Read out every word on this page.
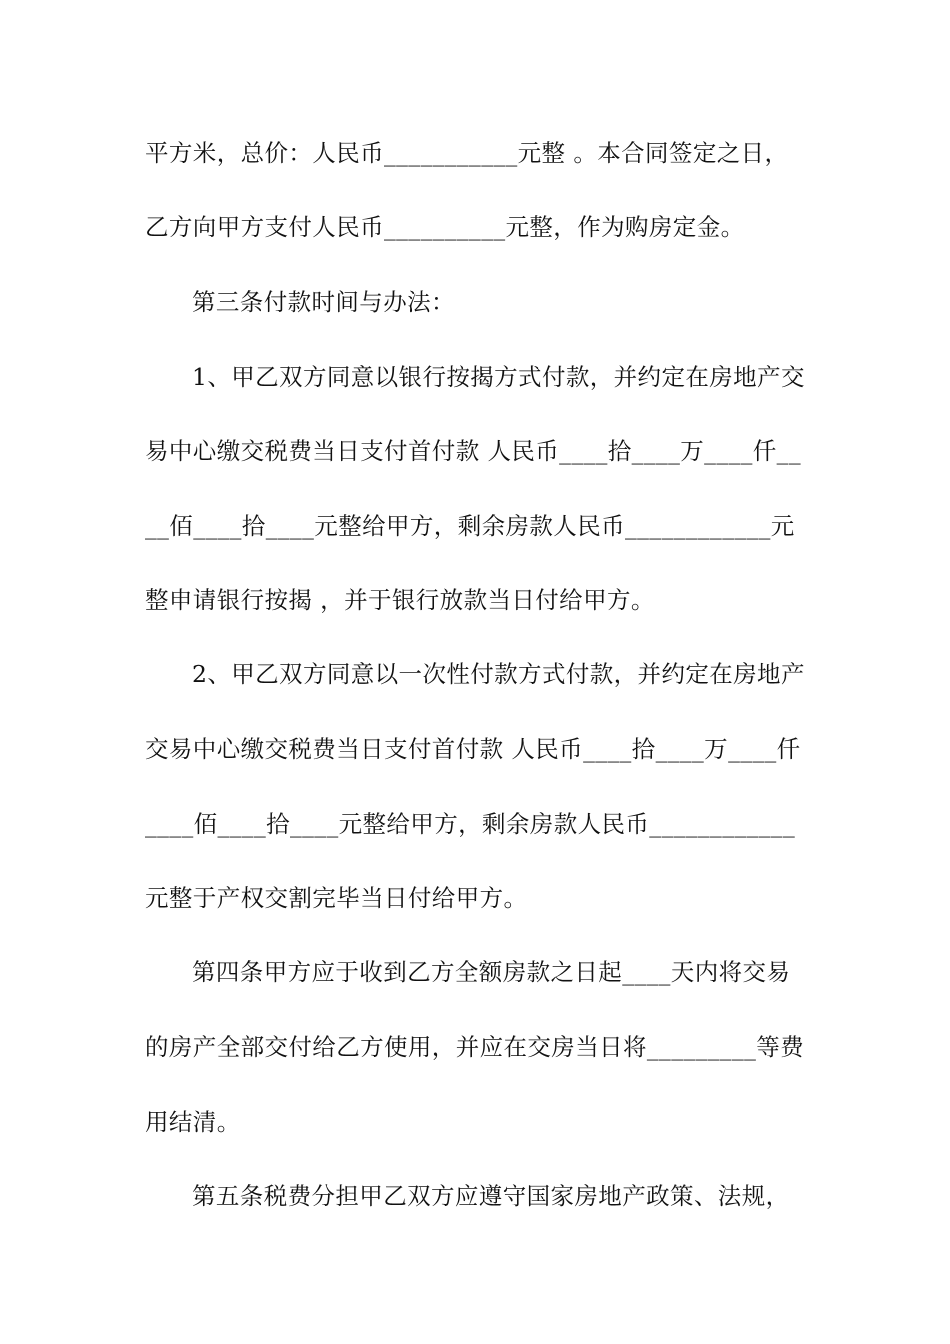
平方米，总价：人民币___________元整 。本合同签定之日，
乙方向甲方支付人民币__________元整，作为购房定金。
第三条付款时间与办法：
1、甲乙双方同意以银行按揭方式付款，并约定在房地产交
易中心缴交税费当日支付首付款 人民币____拾____万____仟__
__佰____拾____元整给甲方，剩余房款人民币____________元
整申请银行按揭 ，并于银行放款当日付给甲方。
2、甲乙双方同意以一次性付款方式付款，并约定在房地产
交易中心缴交税费当日支付首付款 人民币____拾____万____仟
____佰____拾____元整给甲方，剩余房款人民币____________
元整于产权交割完毕当日付给甲方。
第四条甲方应于收到乙方全额房款之日起____天内将交易
的房产全部交付给乙方使用，并应在交房当日将_________等费
用结清。
第五条税费分担甲乙双方应遵守国家房地产政策、法规，
